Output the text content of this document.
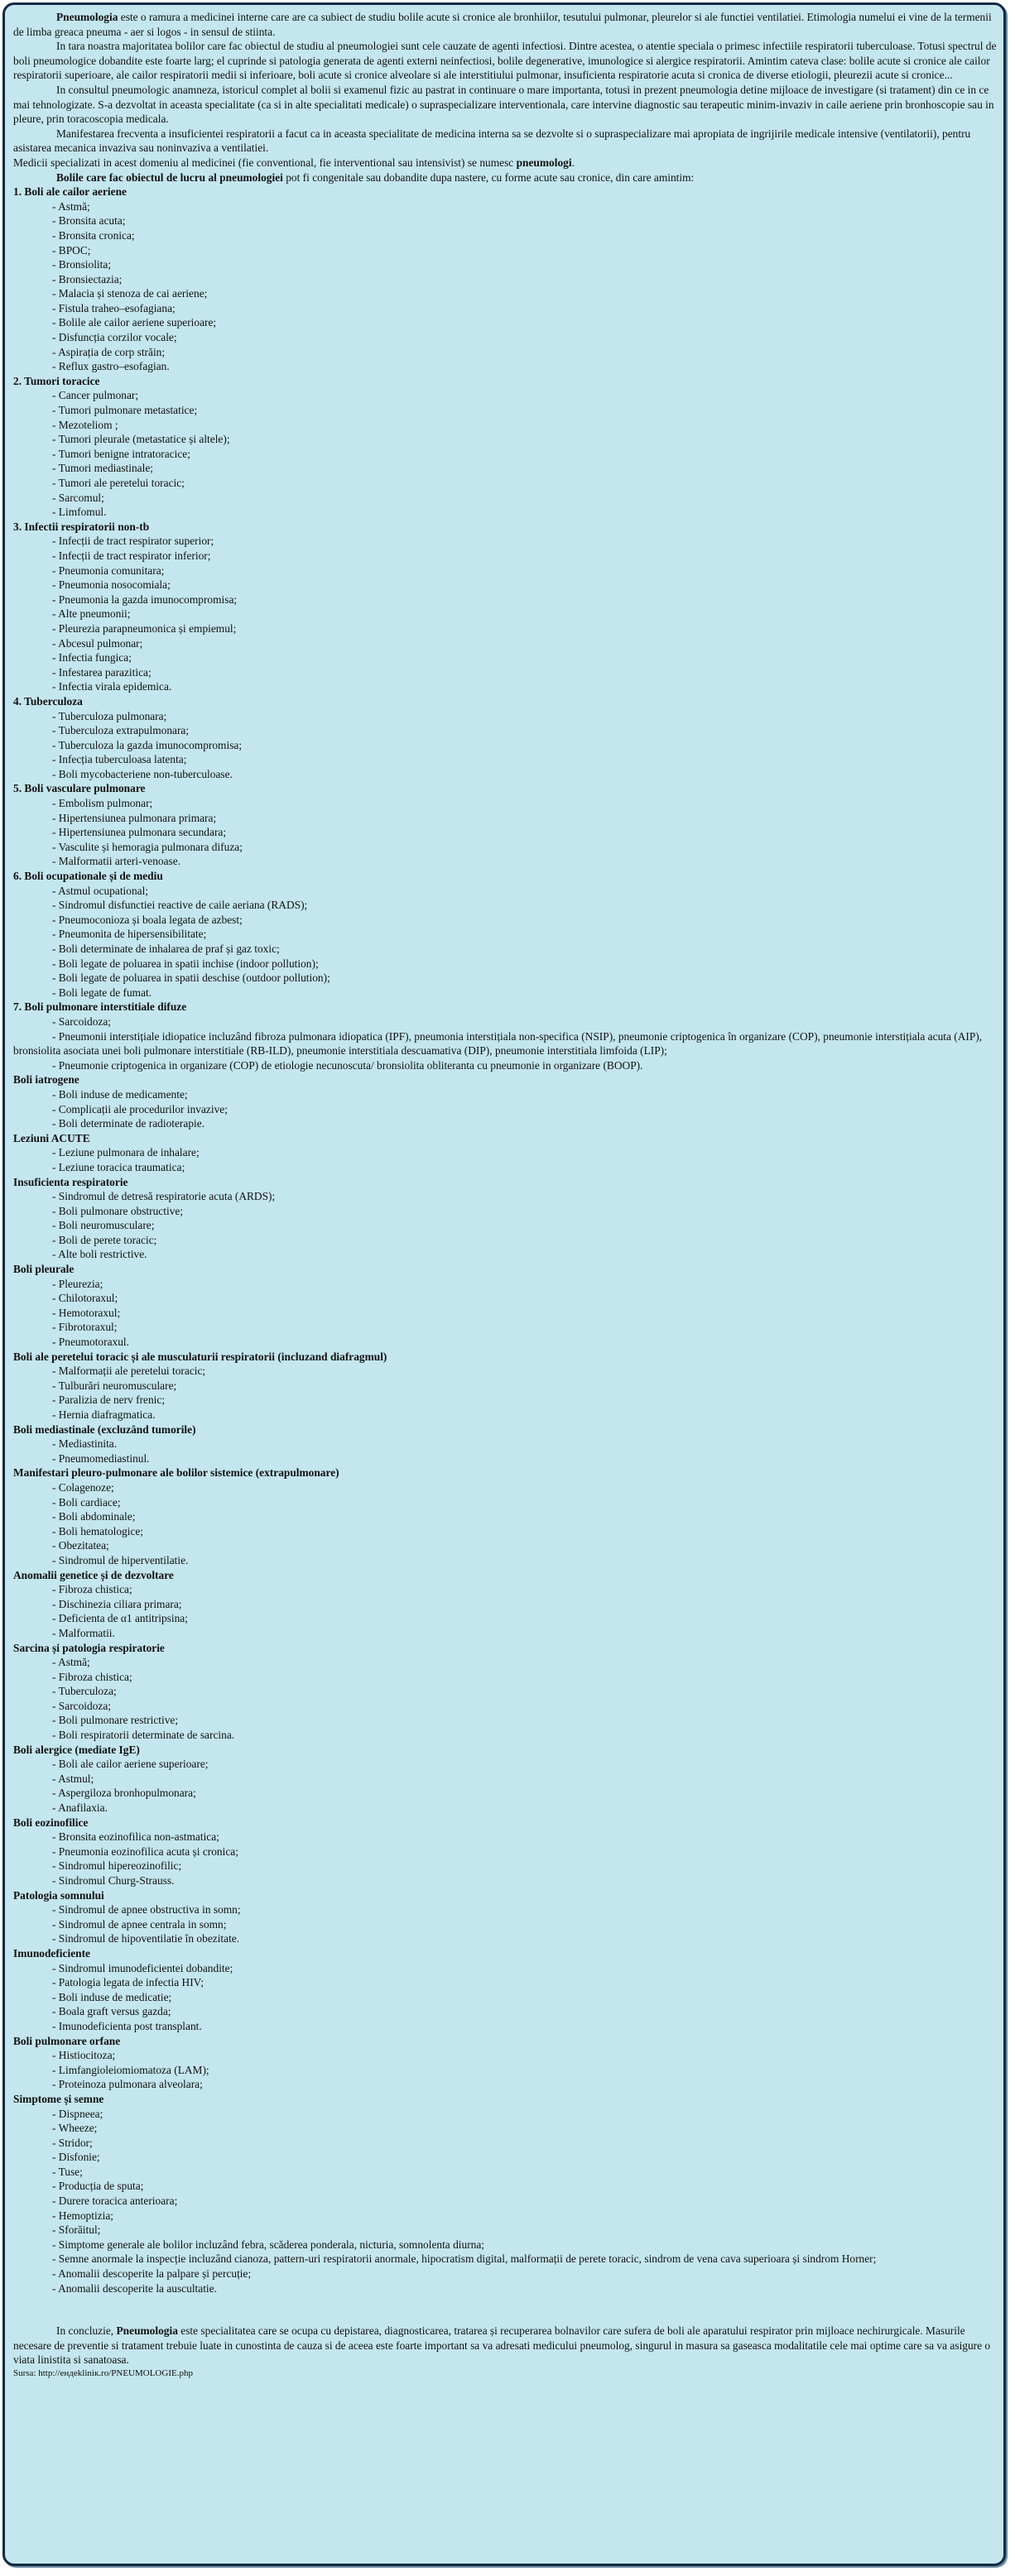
Pneumologia este o ramura a medicinei interne care are ca subiect de studiu bolile acute si cronice ale bronhiilor, tesutului pulmonar, pleurelor si ale functiei ventilatiei. Etimologia numelui ei vine de la termenii de limba greaca pneuma - aer si logos - in sensul de stiinta.

In tara noastra majoritatea bolilor care fac obiectul de studiu al pneumologiei sunt cele cauzate de agenti infectiosi. Dintre acestea, o atentie speciala o primesc infectiile respiratorii tuberculoase. Totusi spectrul de boli pneumologice dobandite este foarte larg; el cuprinde si patologia generata de agenti externi neinfectiosi, bolile degenerative, imunologice si alergice respiratorii. Amintim cateva clase: bolile acute si cronice ale cailor respiratorii superioare, ale cailor respiratorii medii si inferioare, boli acute si cronice alveolare si ale interstitiului pulmonar, insuficienta respiratorie acuta si cronica de diverse etiologii, pleurezii acute si cronice...

In consultul pneumologic anamneza, istoricul complet al bolii si examenul fizic au pastrat in continuare o mare importanta, totusi in prezent pneumologia detine mijloace de investigare (si tratament) din ce in ce mai tehnologizate. S-a dezvoltat in aceasta specialitate (ca si in alte specialitati medicale) o supraspecializare interventionala, care intervine diagnostic sau terapeutic minim-invaziv in caile aeriene prin bronhoscopie sau in pleure, prin toracoscopia medicala.

Manifestarea frecventa a insuficientei respiratorii a facut ca in aceasta specialitate de medicina interna sa se dezvolte si o supraspecializare mai apropiata de ingrijirile medicale intensive (ventilatorii), pentru asistarea mecanica invaziva sau noninvaziva a ventilatiei.

Medicii specializati in acest domeniu al medicinei (fie conventional, fie interventional sau intensivist) se numesc pneumologi.

Bolile care fac obiectul de lucru al pneumologiei pot fi congenitale sau dobandite dupa nastere, cu forme acute sau cronice, din care amintim:

1. Boli ale cailor aeriene

- Astmă;
- Bronsita acuta;
- Bronsita cronica;
- BPOC;
- Bronsiolita;
- Bronsiectazia;
- Malacia și stenoza de cai aeriene;
- Fistula traheo–esofagiana;
- Bolile ale cailor aeriene superioare;
- Disfuncția corzilor vocale;
- Aspirația de corp străin;
- Reflux gastro–esofagian.

2. Tumori toracice

- Cancer pulmonar;
- Tumori pulmonare metastatice;
- Mezoteliom ;
- Tumori pleurale (metastatice și altele);
- Tumori benigne intratoracice;
- Tumori mediastinale;
- Tumori ale peretelui toracic;
- Sarcomul;
- Limfomul.

3. Infectii respiratorii non-tb

- Infecții de tract respirator superior;
- Infecții de tract respirator inferior;
- Pneumonia comunitara;
- Pneumonia nosocomiala;
- Pneumonia la gazda imunocompromisa;
- Alte pneumonii;
- Pleurezia parapneumonica și empiemul;
- Abcesul pulmonar;
- Infectia fungica;
- Infestarea parazitica;
- Infectia virala epidemica.

4. Tuberculoza

- Tuberculoza pulmonara;
- Tuberculoza extrapulmonara;
- Tuberculoza la gazda imunocompromisa;
- Infecția tuberculoasa latenta;
- Boli mycobacteriene non-tuberculoase.

5. Boli vasculare pulmonare

- Embolism pulmonar;
- Hipertensiunea pulmonara primara;
- Hipertensiunea pulmonara secundara;
- Vasculite și hemoragia pulmonara difuza;
- Malformatii arteri-venoase.

6. Boli ocupationale și de mediu

- Astmul ocupational;
- Sindromul disfunctiei reactive de caile aeriana (RADS);
- Pneumoconioza și boala legata de azbest;
- Pneumonita de hipersensibilitate;
- Boli determinate de inhalarea de praf și gaz toxic;
- Boli legate de poluarea in spatii inchise (indoor pollution);
- Boli legate de poluarea in spatii deschise (outdoor pollution);
- Boli legate de fumat.

7. Boli pulmonare interstitiale difuze

- Sarcoidoza;
- Pneumonii interstițiale idiopatice incluzând fibroza pulmonara idiopatica (IPF), pneumonia interstițiala non-specifica (NSIP), pneumonie criptogenica în organizare (COP), pneumonie interstițiala acuta (AIP), bronsiolita asociata unei boli pulmonare interstitiale (RB-ILD), pneumonie interstitiala descuamativa (DIP), pneumonie interstitiala limfoida (LIP);
- Pneumonie criptogenica in organizare (COP) de etiologie necunoscuta/ bronsiolita obliteranta cu pneumonie in organizare (BOOP).

Boli iatrogene

- Boli induse de medicamente;
- Complicații ale procedurilor invazive;
- Boli determinate de radioterapie.

Leziuni ACUTE

- Leziune pulmonara de inhalare;
- Leziune toracica traumatica;

Insuficienta respiratorie

- Sindromul de detresă respiratorie acuta (ARDS);
- Boli pulmonare obstructive;
- Boli neuromusculare;
- Boli de perete toracic;
- Alte boli restrictive.

Boli pleurale

- Pleurezia;
- Chilotoraxul;
- Hemotoraxul;
- Fibrotoraxul;
- Pneumotoraxul.

Boli ale peretelui toracic și ale musculaturii respiratorii (incluzand diafragmul)

- Malformații ale peretelui toracic;
- Tulburări neuromusculare;
- Paralizia de nerv frenic;
- Hernia diafragmatica.

Boli mediastinale (excluzând tumorile)

- Mediastinita.
- Pneumomediastinul.

Manifestari pleuro-pulmonare ale bolilor sistemice (extrapulmonare)

- Colagenoze;
- Boli cardiace;
- Boli abdominale;
- Boli hematologice;
- Obezitatea;
- Sindromul de hiperventilatie.

Anomalii genetice și de dezvoltare

- Fibroza chistica;
- Dischinezia ciliara primara;
- Deficienta de α1 antitripsina;
- Malformatii.

Sarcina și patologia respiratorie

- Astmă;
- Fibroza chistica;
- Tuberculoza;
- Sarcoidoza;
- Boli pulmonare restrictive;
- Boli respiratorii determinate de sarcina.

Boli alergice (mediate IgE)

- Boli ale cailor aeriene superioare;
- Astmul;
- Aspergiloza bronhopulmonara;
- Anafilaxia.

Boli eozinofilice

- Bronsita eozinofilica non-astmatica;
- Pneumonia eozinofilica acuta și cronica;
- Sindromul hipereozinofilic;
- Sindromul Churg-Strauss.

Patologia somnului

- Sindromul de apnee obstructiva in somn;
- Sindromul de apnee centrala in somn;
- Sindromul de hipoventilatie în obezitate.

Imunodeficiente

- Sindromul imunodeficientei dobandite;
- Patologia legata de infectia HIV;
- Boli induse de medicatie;
- Boala graft versus gazda;
- Imunodeficienta post transplant.

Boli pulmonare orfane

- Histiocitoza;
- Limfangioleiomiomatoza (LAM);
- Proteinoza pulmonara alveolara;

Simptome și semne

- Dispneea;
- Wheeze;
- Stridor;
- Disfonie;
- Tuse;
- Producția de sputa;
- Durere toracica anterioara;
- Hemoptizia;
- Sforăitul;
- Simptome generale ale bolilor incluzând febra, scăderea ponderala, nicturia, somnolenta diurna;
- Semne anormale la inspecție incluzând cianoza, pattern-uri respiratorii anormale, hipocratism digital, malformații de perete toracic, sindrom de vena cava superioara și sindrom Horner;
- Anomalii descoperite la palpare și percuție;
- Anomalii descoperite la auscultatie.

In concluzie, Pneumologia este specialitatea care se ocupa cu depistarea, diagnosticarea, tratarea și recuperarea bolnavilor care sufera de boli ale aparatului respirator prin mijloace nechirurgicale. Masurile necesare de preventie si tratament trebuie luate in cunostinta de cauza si de aceea este foarte important sa va adresati medicului pneumolog, singurul in masura sa gaseasca modalitatile cele mai optime care sa va asigure o viata linistita si sanatoasa.

Sursa: http://ендekliniк.ro/PNEUMOLOGIE.php
